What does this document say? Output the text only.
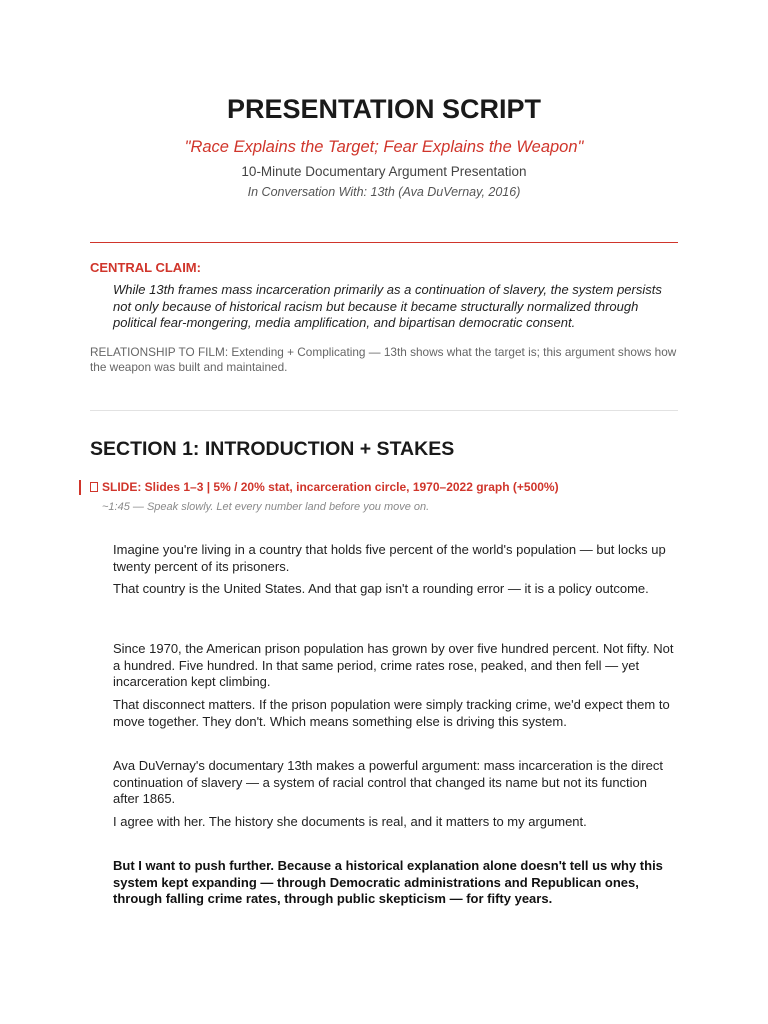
PRESENTATION SCRIPT
"Race Explains the Target; Fear Explains the Weapon"
10-Minute Documentary Argument Presentation
In Conversation With: 13th (Ava DuVernay, 2016)
CENTRAL CLAIM:
While 13th frames mass incarceration primarily as a continuation of slavery, the system persists not only because of historical racism but because it became structurally normalized through political fear-mongering, media amplification, and bipartisan democratic consent.
RELATIONSHIP TO FILM: Extending + Complicating — 13th shows what the target is; this argument shows how the weapon was built and maintained.
SECTION 1: INTRODUCTION + STAKES
SLIDE: Slides 1–3 | 5% / 20% stat, incarceration circle, 1970–2022 graph (+500%)
~1:45 — Speak slowly. Let every number land before you move on.

Imagine you're living in a country that holds five percent of the world's population — but locks up twenty percent of its prisoners.

That country is the United States. And that gap isn't a rounding error — it is a policy outcome.

Since 1970, the American prison population has grown by over five hundred percent. Not fifty. Not a hundred. Five hundred. In that same period, crime rates rose, peaked, and then fell — yet incarceration kept climbing.

That disconnect matters. If the prison population were simply tracking crime, we'd expect them to move together. They don't. Which means something else is driving this system.

Ava DuVernay's documentary 13th makes a powerful argument: mass incarceration is the direct continuation of slavery — a system of racial control that changed its name but not its function after 1865.

I agree with her. The history she documents is real, and it matters to my argument.

But I want to push further. Because a historical explanation alone doesn't tell us why this system kept expanding — through Democratic administrations and Republican ones, through falling crime rates, through public skepticism — for fifty years.
